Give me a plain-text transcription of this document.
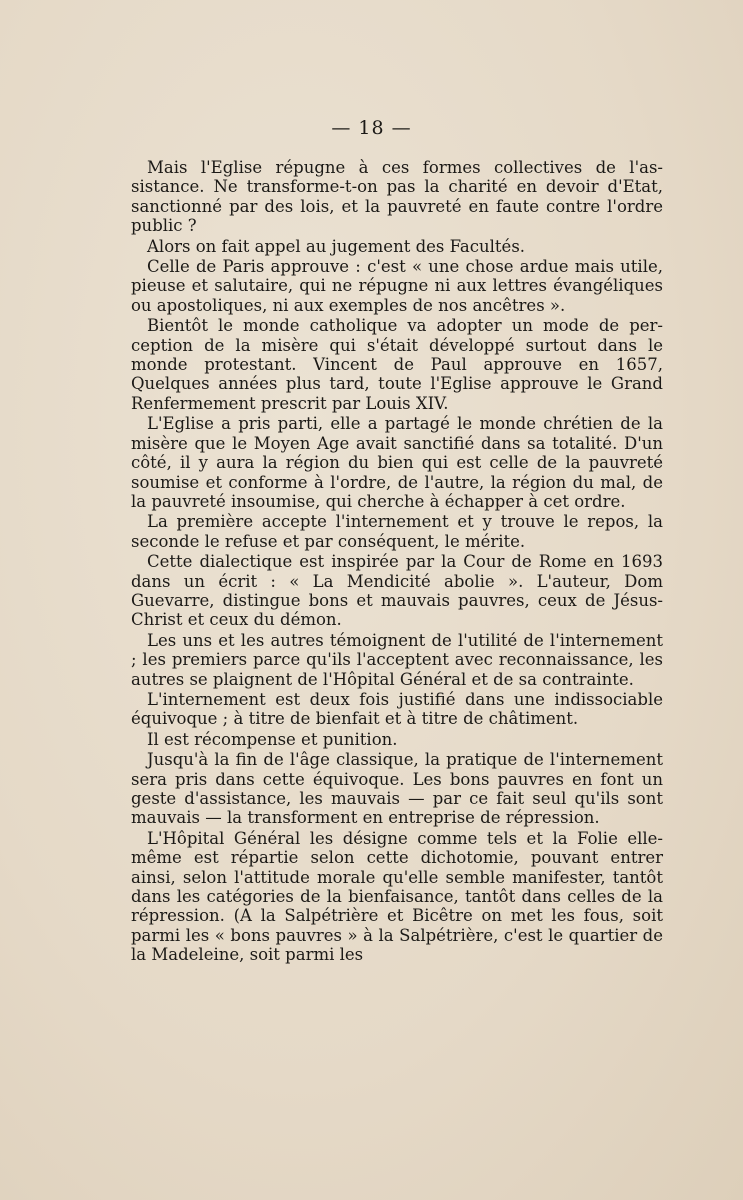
— 18 —

Mais l'Eglise répugne à ces formes collectives de l'assistance. Ne transforme-t-on pas la charité en devoir d'Etat, sanctionné par des lois, et la pauvreté en faute contre l'ordre public ?

Alors on fait appel au jugement des Facultés.

Celle de Paris approuve : c'est « une chose ardue mais utile, pieuse et salutaire, qui ne répugne ni aux lettres évangéliques ou apostoliques, ni aux exemples de nos ancêtres ».

Bientôt le monde catholique va adopter un mode de perception de la misère qui s'était développé surtout dans le monde protestant. Vincent de Paul approuve en 1657, Quelques années plus tard, toute l'Eglise approuve le Grand Renfermement prescrit par Louis XIV.

L'Eglise a pris parti, elle a partagé le monde chrétien de la misère que le Moyen Age avait sanctifié dans sa totalité. D'un côté, il y aura la région du bien qui est celle de la pauvreté soumise et conforme à l'ordre, de l'autre, la région du mal, de la pauvreté insoumise, qui cherche à échapper à cet ordre.

La première accepte l'internement et y trouve le repos, la seconde le refuse et par conséquent, le mérite.

Cette dialectique est inspirée par la Cour de Rome en 1693 dans un écrit : « La Mendicité abolie ». L'auteur, Dom Guevarre, distingue bons et mauvais pauvres, ceux de Jésus-Christ et ceux du démon.

Les uns et les autres témoignent de l'utilité de l'internement ; les premiers parce qu'ils l'acceptent avec reconnaissance, les autres se plaignent de l'Hôpital Général et de sa contrainte.

L'internement est deux fois justifié dans une indissociable équivoque ; à titre de bienfait et à titre de châtiment.

Il est récompense et punition.

Jusqu'à la fin de l'âge classique, la pratique de l'internement sera pris dans cette équivoque. Les bons pauvres en font un geste d'assistance, les mauvais — par ce fait seul qu'ils sont mauvais — la transforment en entreprise de répression.

L'Hôpital Général les désigne comme tels et la Folie elle-même est répartie selon cette dichotomie, pouvant entrer ainsi, selon l'attitude morale qu'elle semble manifester, tantôt dans les catégories de la bienfaisance, tantôt dans celles de la répression. (A la Salpétrière et Bicêtre on met les fous, soit parmi les « bons pauvres » à la Salpétrière, c'est le quartier de la Madeleine, soit parmi les
